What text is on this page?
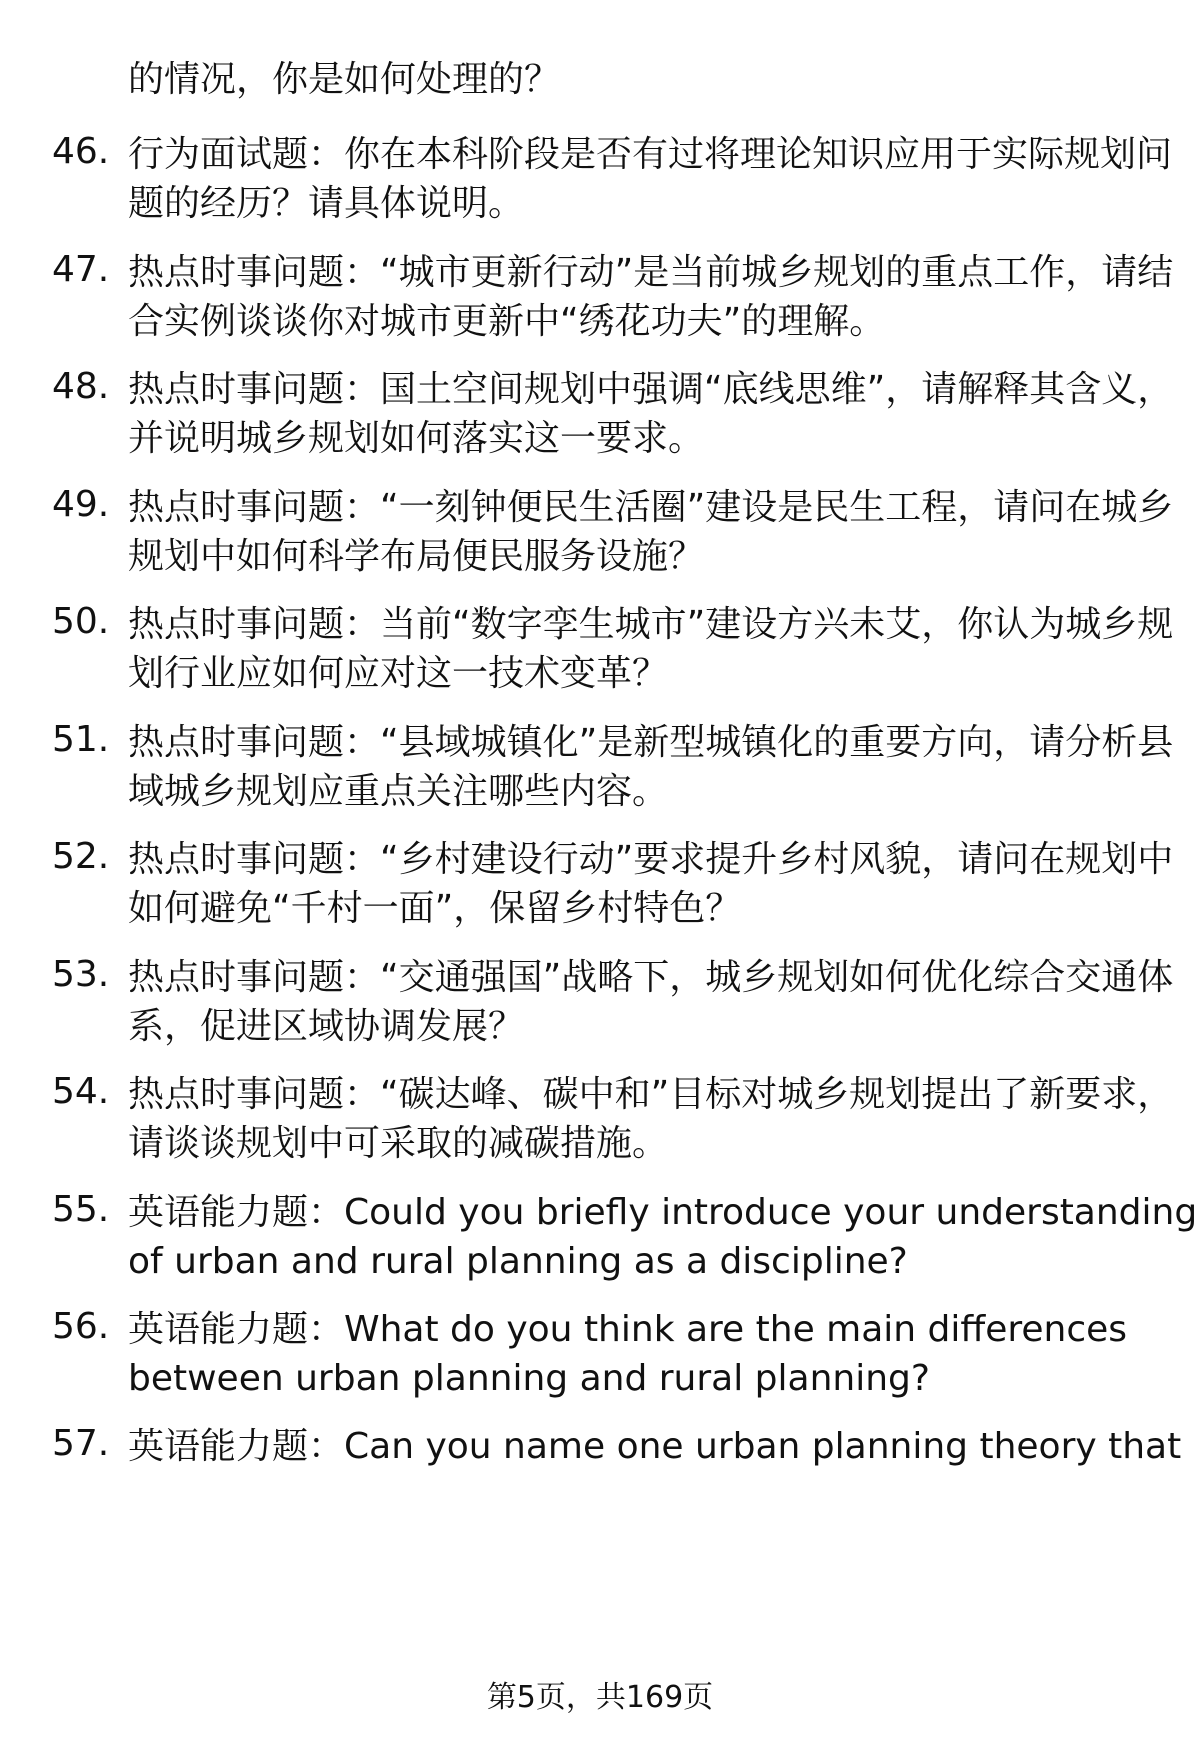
的情况，你是如何处理的？
46. 行为面试题：你在本科阶段是否有过将理论知识应用于实际规划问题的经历？请具体说明。
47. 热点时事问题：“城市更新行动”是当前城乡规划的重点工作，请结合实例谈谈你对城市更新中“绣花功夫”的理解。
48. 热点时事问题：国土空间规划中强调“底线思维”，请解释其含义，并说明城乡规划如何落实这一要求。
49. 热点时事问题：“一刻钟便民生活圈”建设是民生工程，请问在城乡规划中如何科学布局便民服务设施？
50. 热点时事问题：当前“数字孪生城市”建设方兴未艾，你认为城乡规划行业应如何应对这一技术变革？
51. 热点时事问题：“县域城镇化”是新型城镇化的重要方向，请分析县域城乡规划应重点关注哪些内容。
52. 热点时事问题：“乡村建设行动”要求提升乡村风貌，请问在规划中如何避免“千村一面”，保留乡村特色？
53. 热点时事问题：“交通强国”战略下，城乡规划如何优化综合交通体系，促进区域协调发展？
54. 热点时事问题：“碳达峰、碳中和”目标对城乡规划提出了新要求，请谈谈规划中可采取的减碳措施。
55. 英语能力题：Could you briefly introduce your understanding of urban and rural planning as a discipline?
56. 英语能力题：What do you think are the main differences between urban planning and rural planning?
57. 英语能力题：Can you name one urban planning theory that
第5页，共169页
